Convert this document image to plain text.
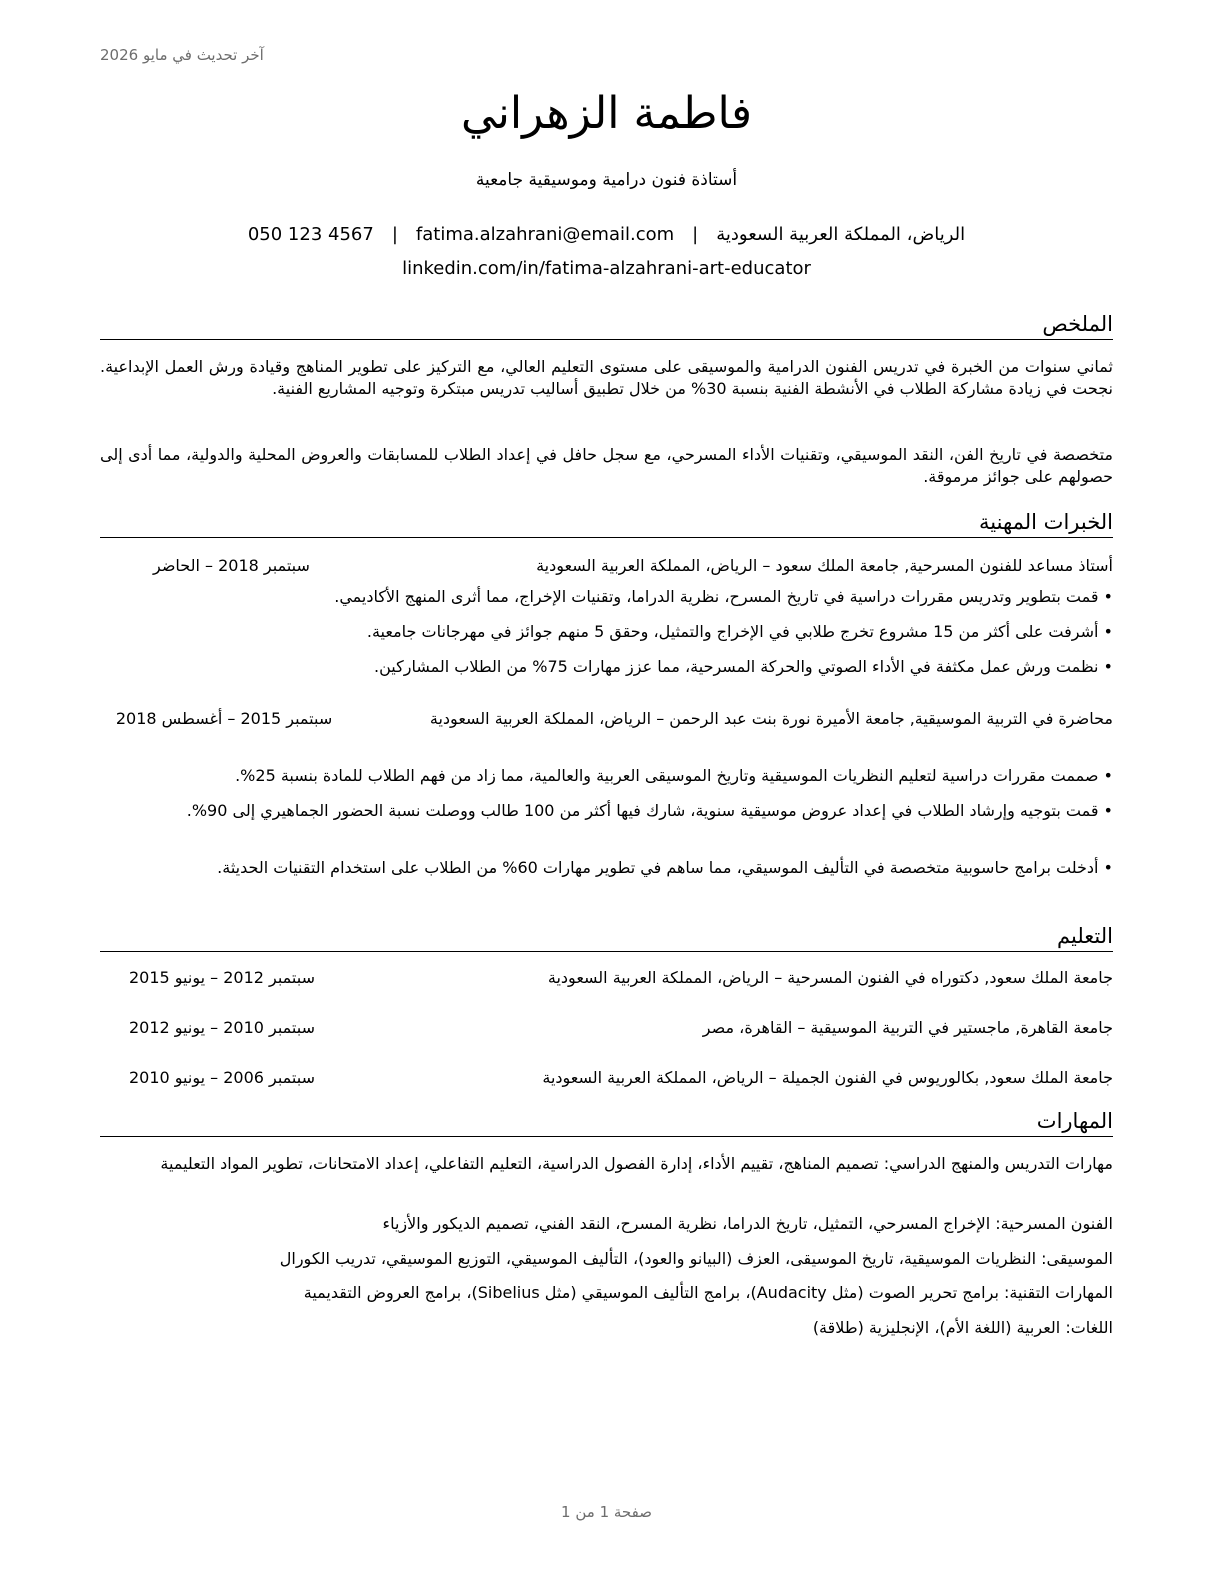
آخر تحديث في مايو 2026
فاطمة الزهراني
أستاذة فنون درامية وموسيقية جامعية
الرياض، المملكة العربية السعودية|fatima.alzahrani@email.com|050 123 4567
linkedin.com/in/fatima-alzahrani-art-educator
الملخص
ثماني سنوات من الخبرة في تدريس الفنون الدرامية والموسيقى على مستوى التعليم العالي، مع التركيز على تطوير المناهج وقيادة ورش العمل الإبداعية. نجحت في زيادة مشاركة الطلاب في الأنشطة الفنية بنسبة 30% من خلال تطبيق أساليب تدريس مبتكرة وتوجيه المشاريع الفنية.
متخصصة في تاريخ الفن، النقد الموسيقي، وتقنيات الأداء المسرحي، مع سجل حافل في إعداد الطلاب للمسابقات والعروض المحلية والدولية، مما أدى إلى حصولهم على جوائز مرموقة.
الخبرات المهنية
أستاذ مساعد للفنون المسرحية, جامعة الملك سعود – الرياض، المملكة العربية السعودية
سبتمبر 2018 – الحاضر
• قمت بتطوير وتدريس مقررات دراسية في تاريخ المسرح، نظرية الدراما، وتقنيات الإخراج، مما أثرى المنهج الأكاديمي.
• أشرفت على أكثر من 15 مشروع تخرج طلابي في الإخراج والتمثيل، وحقق 5 منهم جوائز في مهرجانات جامعية.
• نظمت ورش عمل مكثفة في الأداء الصوتي والحركة المسرحية، مما عزز مهارات 75% من الطلاب المشاركين.
محاضرة في التربية الموسيقية, جامعة الأميرة نورة بنت عبد الرحمن – الرياض، المملكة العربية السعودية
سبتمبر 2015 – أغسطس 2018
• صممت مقررات دراسية لتعليم النظريات الموسيقية وتاريخ الموسيقى العربية والعالمية، مما زاد من فهم الطلاب للمادة بنسبة 25%.
• قمت بتوجيه وإرشاد الطلاب في إعداد عروض موسيقية سنوية، شارك فيها أكثر من 100 طالب ووصلت نسبة الحضور الجماهيري إلى 90%.
• أدخلت برامج حاسوبية متخصصة في التأليف الموسيقي، مما ساهم في تطوير مهارات 60% من الطلاب على استخدام التقنيات الحديثة.
التعليم
جامعة الملك سعود, دكتوراه في الفنون المسرحية – الرياض، المملكة العربية السعودية
سبتمبر 2012 – يونيو 2015
جامعة القاهرة, ماجستير في التربية الموسيقية – القاهرة، مصر
سبتمبر 2010 – يونيو 2012
جامعة الملك سعود, بكالوريوس في الفنون الجميلة – الرياض، المملكة العربية السعودية
سبتمبر 2006 – يونيو 2010
المهارات
مهارات التدريس والمنهج الدراسي: تصميم المناهج، تقييم الأداء، إدارة الفصول الدراسية، التعليم التفاعلي، إعداد الامتحانات، تطوير المواد التعليمية
الفنون المسرحية: الإخراج المسرحي، التمثيل، تاريخ الدراما، نظرية المسرح، النقد الفني، تصميم الديكور والأزياء
الموسيقى: النظريات الموسيقية، تاريخ الموسيقى، العزف (البيانو والعود)، التأليف الموسيقي، التوزيع الموسيقي، تدريب الكورال
المهارات التقنية: برامج تحرير الصوت (مثل Audacity)، برامج التأليف الموسيقي (مثل Sibelius)، برامج العروض التقديمية
اللغات: العربية (اللغة الأم)، الإنجليزية (طلاقة)
صفحة 1 من 1
